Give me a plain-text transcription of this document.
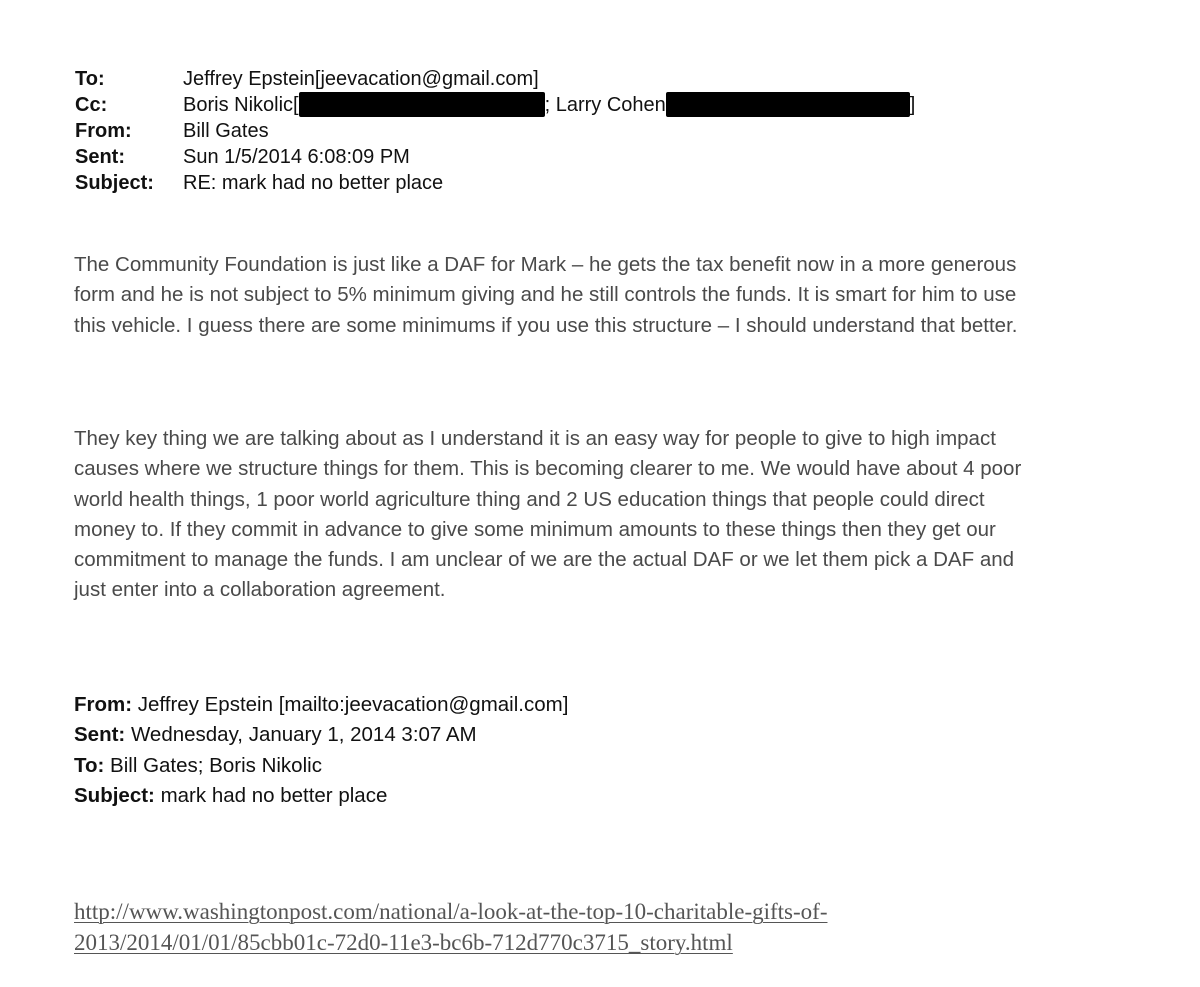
To:	Jeffrey Epstein[jeevacation@gmail.com]
Cc:	Boris Nikolic[	; Larry Cohen	]
From:	Bill Gates
Sent:	Sun 1/5/2014 6:08:09 PM
Subject: RE: mark had no better place
The Community Foundation is just like a DAF for Mark – he gets the tax benefit now in a more generous
form and he is not subject to 5% minimum giving and he still controls the funds. It is smart for him to use
this vehicle. I guess there are some minimums if you use this structure – I should understand that better.
They key thing we are talking about as I understand it is an easy way for people to give to high impact
causes where we structure things for them. This is becoming clearer to me. We would have about 4 poor
world health things, 1 poor world agriculture thing and 2 US education things that people could direct
money to. If they commit in advance to give some minimum amounts to these things then they get our
commitment to manage the funds. I am unclear of we are the actual DAF or we let them pick a DAF and
just enter into a collaboration agreement.
From: Jeffrey Epstein [mailto:jeevacation@gmail.com]
Sent: Wednesday, January 1, 2014 3:07 AM
To: Bill Gates; Boris Nikolic
Subject: mark had no better place
http://www.washingtonpost.com/national/a-look-at-the-top-10-charitable-gifts-of-
2013/2014/01/01/85cbb01c-72d0-11e3-bc6b-712d770c3715_story.html
